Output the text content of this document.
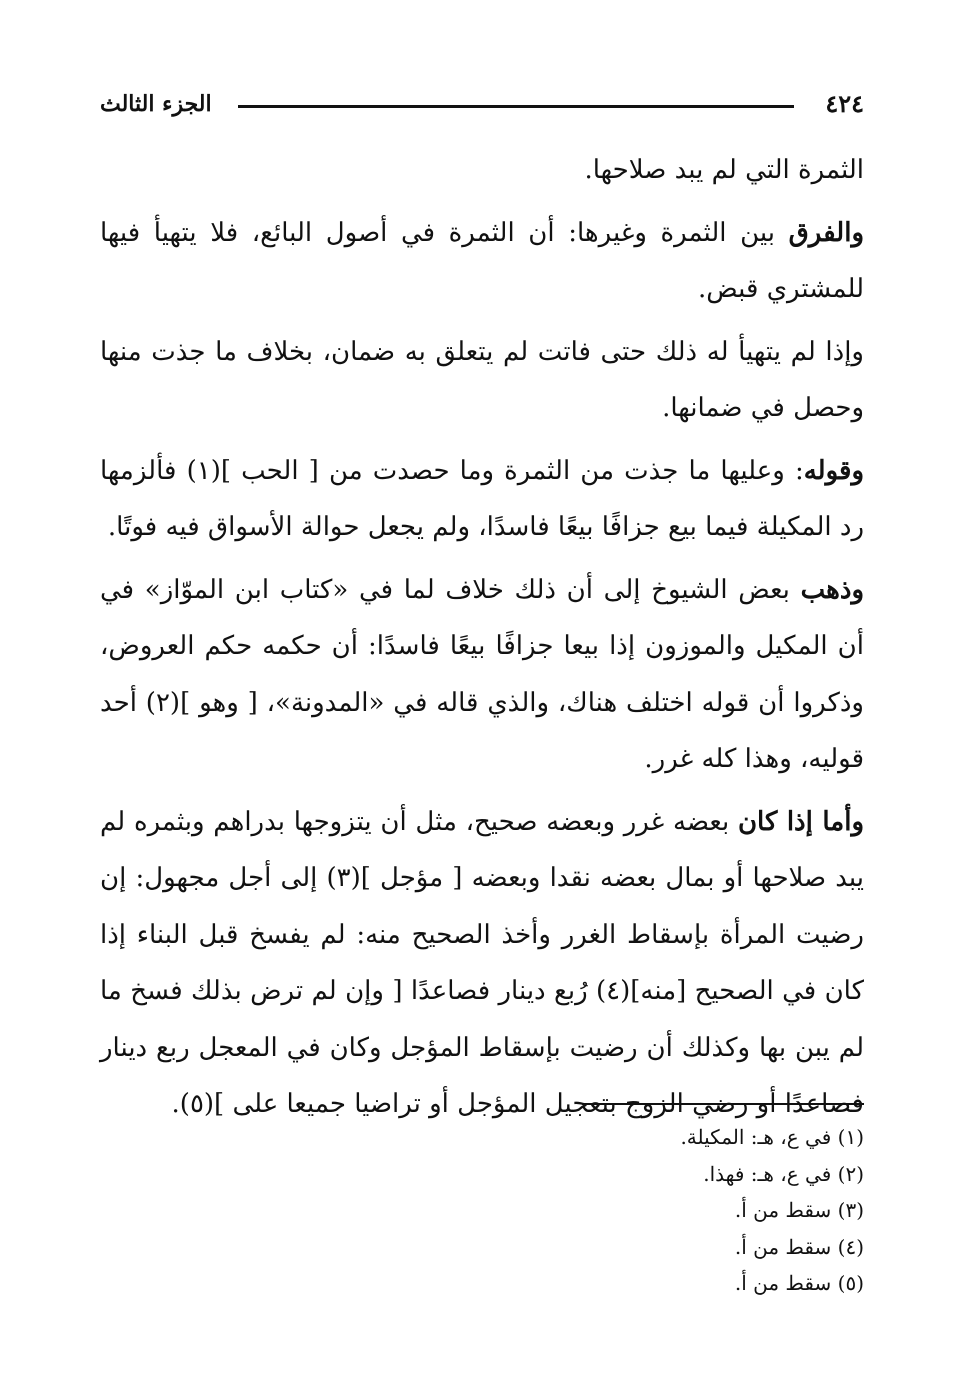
الجزء الثالث	٤٢٤

الثمرة التي لم يبد صلاحها.

والفرق بين الثمرة وغيرها: أن الثمرة في أصول البائع، فلا يتهيأ فيها للمشتري قبض.

وإذا لم يتهيأ له ذلك حتى فاتت لم يتعلق به ضمان، بخلاف ما جذت منها وحصل في ضمانها.

وقوله: وعليها ما جذت من الثمرة وما حصدت من [ الحب ](١) فألزمها رد المكيلة فيما بيع جزافًا بيعًا فاسدًا، ولم يجعل حوالة الأسواق فيه فوتًا.

وذهب بعض الشيوخ إلى أن ذلك خلاف لما في «كتاب ابن الموّاز» في أن المكيل والموزون إذا بيعا جزافًا بيعًا فاسدًا: أن حكمه حكم العروض، وذكروا أن قوله اختلف هناك، والذي قاله في «المدونة»، [ وهو ](٢) أحد قوليه، وهذا كله غرر.

وأما إذا كان بعضه غرر وبعضه صحيح، مثل أن يتزوجها بدراهم وبثمره لم يبد صلاحها أو بمال بعضه نقدا وبعضه [ مؤجل ](٣) إلى أجل مجهول: إن رضيت المرأة بإسقاط الغرر وأخذ الصحيح منه: لم يفسخ قبل البناء إذا كان في الصحيح [منه](٤) رُبع دينار فصاعدًا [ وإن لم ترض بذلك فسخ ما لم يبن بها وكذلك أن رضيت بإسقاط المؤجل وكان في المعجل ربع دينار فصاعدًا أو رضي الزوج بتعجيل المؤجل أو تراضيا جميعا على ](٥).

(١) في ع، هـ: المكيلة.

(٢) في ع، هـ: فهذا.

(٣) سقط من أ.

(٤) سقط من أ.

(٥) سقط من أ.
